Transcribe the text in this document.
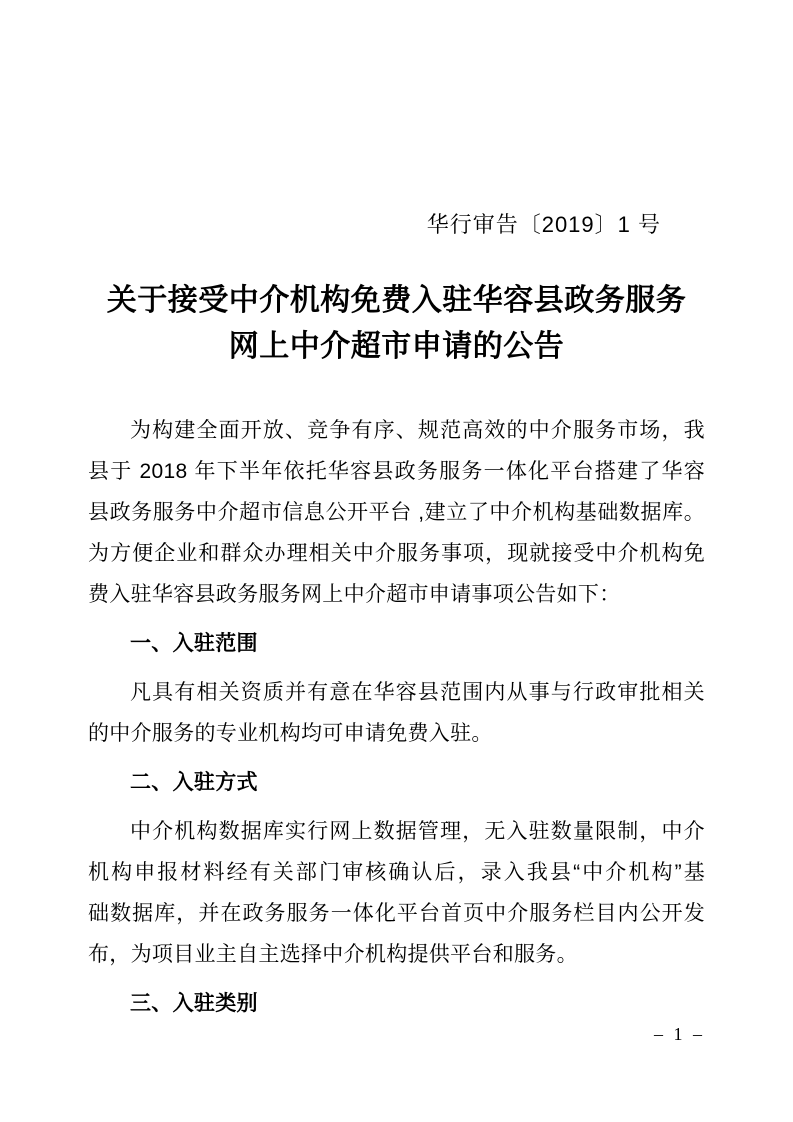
华行审告〔2019〕1 号
关于接受中介机构免费入驻华容县政务服务
网上中介超市申请的公告
为构建全面开放、竞争有序、规范高效的中介服务市场，我
县于 2018 年下半年依托华容县政务服务一体化平台搭建了华容
县政务服务中介超市信息公开平台 ,建立了中介机构基础数据库。
为方便企业和群众办理相关中介服务事项，现就接受中介机构免
费入驻华容县政务服务网上中介超市申请事项公告如下：
一、入驻范围
凡具有相关资质并有意在华容县范围内从事与行政审批相关
的中介服务的专业机构均可申请免费入驻。
二、入驻方式
中介机构数据库实行网上数据管理，无入驻数量限制，中介
机构申报材料经有关部门审核确认后，录入我县“中介机构”基
础数据库，并在政务服务一体化平台首页中介服务栏目内公开发
布，为项目业主自主选择中介机构提供平台和服务。
三、入驻类别
– 1 –
